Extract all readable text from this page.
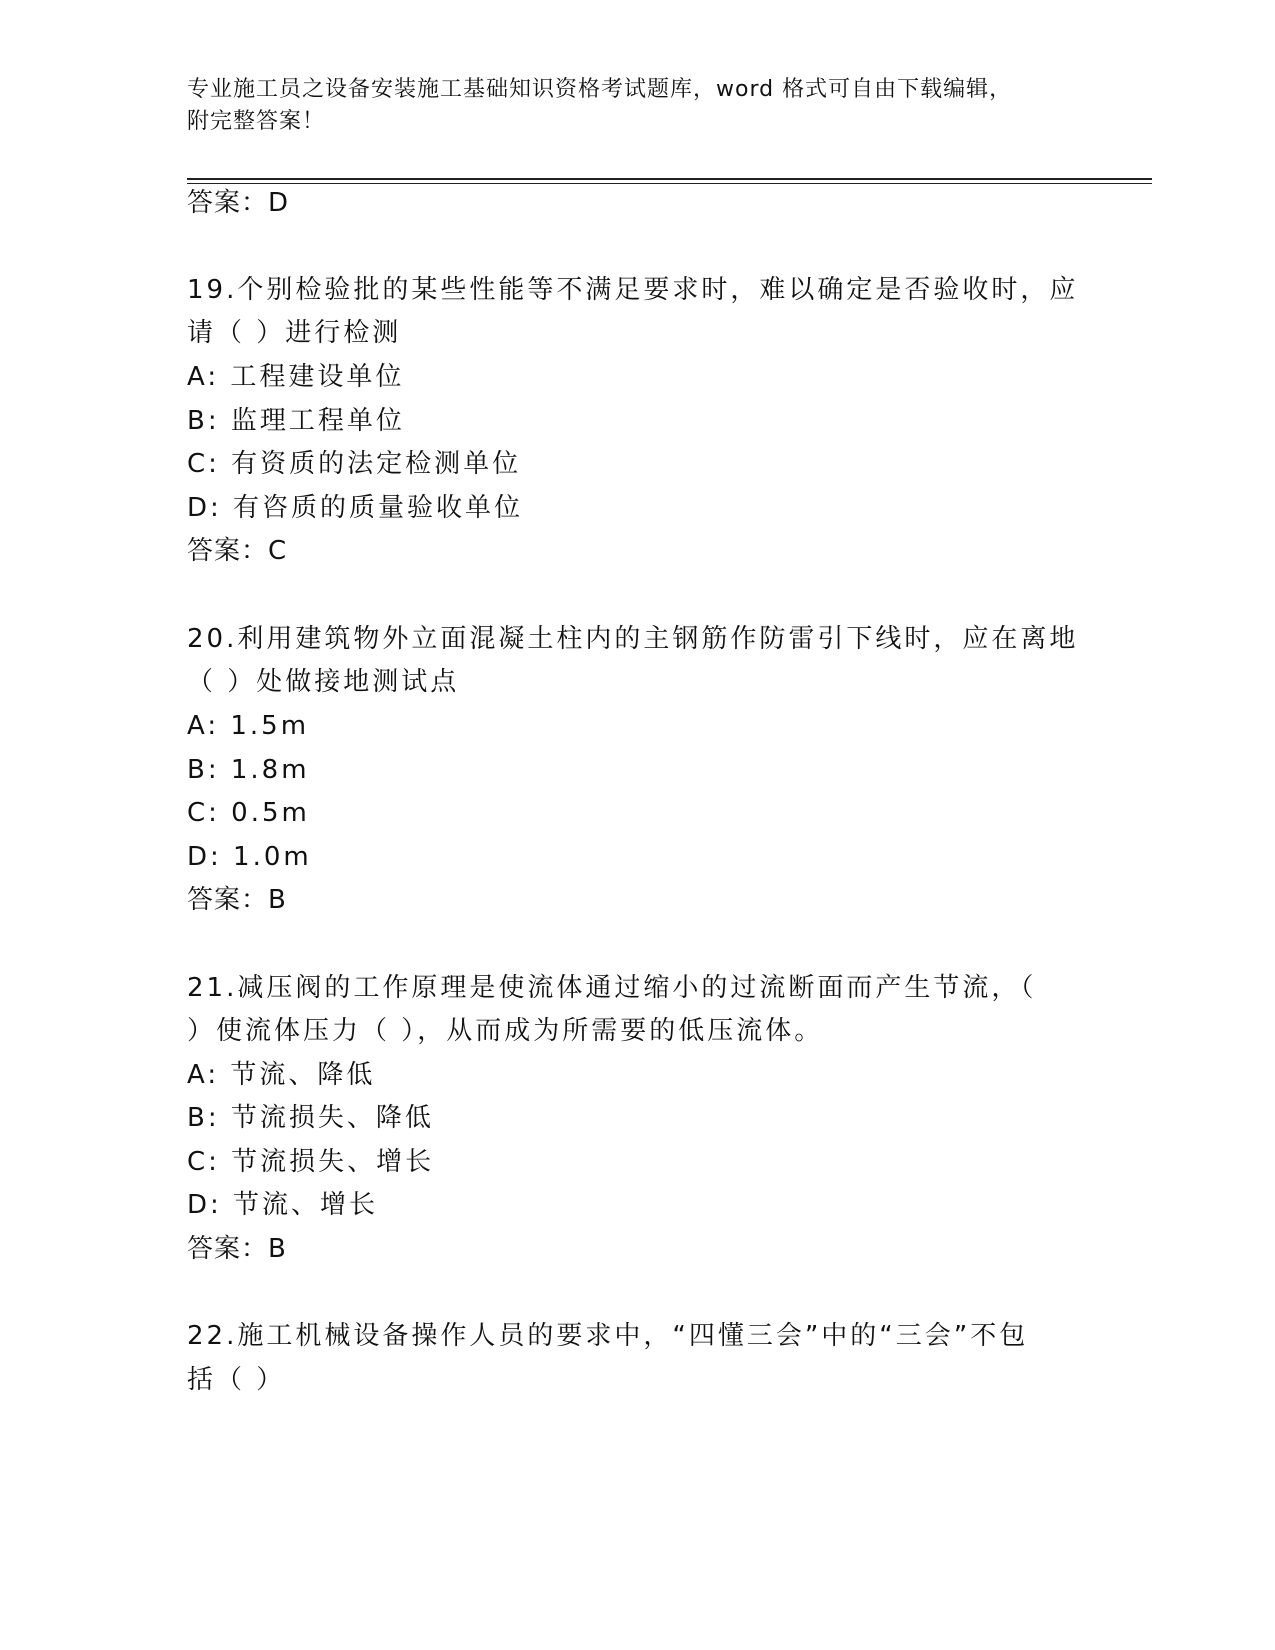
专业施工员之设备安装施工基础知识资格考试题库，word 格式可自由下载编辑，
附完整答案！
答案：D
19.个别检验批的某些性能等不满足要求时，难以确定是否验收时，应
请（ ）进行检测
A: 工程建设单位
B: 监理工程单位
C: 有资质的法定检测单位
D: 有咨质的质量验收单位
答案：C
20.利用建筑物外立面混凝土柱内的主钢筋作防雷引下线时，应在离地
（ ）处做接地测试点
A: 1.5m
B: 1.8m
C: 0.5m
D: 1.0m
答案：B
21.减压阀的工作原理是使流体通过缩小的过流断面而产生节流，（
）使流体压力（ ），从而成为所需要的低压流体。
A: 节流、降低
B: 节流损失、降低
C: 节流损失、增长
D: 节流、增长
答案：B
22.施工机械设备操作人员的要求中，“四懂三会”中的“三会”不包
括（ ）
